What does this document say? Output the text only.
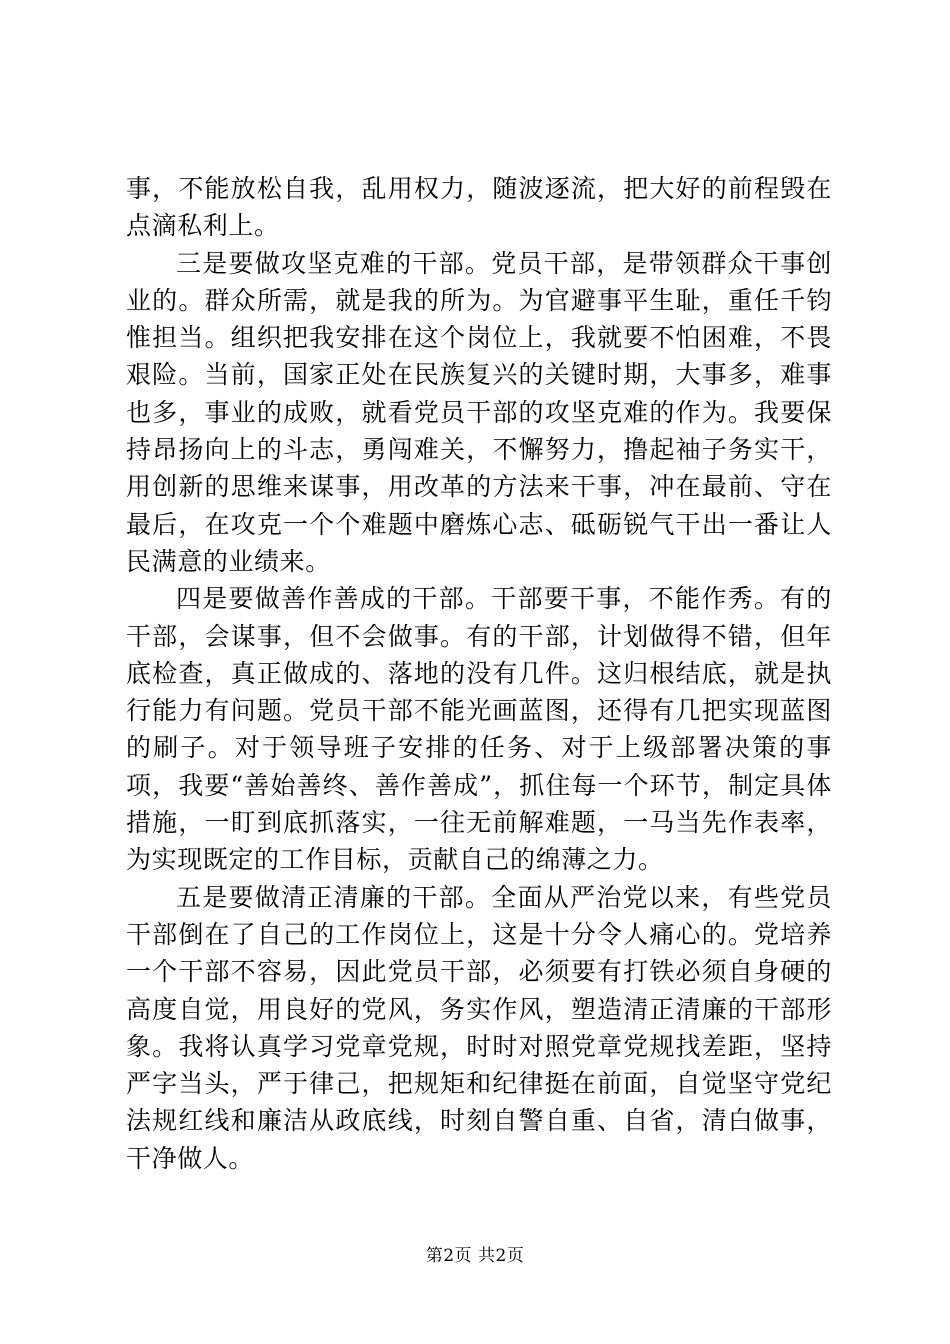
事，不能放松自我，乱用权力，随波逐流，把大好的前程毁在点滴私利上。

三是要做攻坚克难的干部。党员干部，是带领群众干事创业的。群众所需，就是我的所为。为官避事平生耻，重任千钧惟担当。组织把我安排在这个岗位上，我就要不怕困难，不畏艰险。当前，国家正处在民族复兴的关键时期，大事多，难事也多，事业的成败，就看党员干部的攻坚克难的作为。我要保持昂扬向上的斗志，勇闯难关，不懈努力，撸起袖子务实干，用创新的思维来谋事，用改革的方法来干事，冲在最前、守在最后，在攻克一个个难题中磨炼心志、砥砺锐气干出一番让人民满意的业绩来。

四是要做善作善成的干部。干部要干事，不能作秀。有的干部，会谋事，但不会做事。有的干部，计划做得不错，但年底检查，真正做成的、落地的没有几件。这归根结底，就是执行能力有问题。党员干部不能光画蓝图，还得有几把实现蓝图的刷子。对于领导班子安排的任务、对于上级部署决策的事项，我要“善始善终、善作善成”，抓住每一个环节，制定具体措施，一盯到底抓落实，一往无前解难题，一马当先作表率，为实现既定的工作目标，贡献自己的绵薄之力。

五是要做清正清廉的干部。全面从严治党以来，有些党员干部倒在了自己的工作岗位上，这是十分令人痛心的。党培养一个干部不容易，因此党员干部，必须要有打铁必须自身硬的高度自觉，用良好的党风，务实作风，塑造清正清廉的干部形象。我将认真学习党章党规，时时对照党章党规找差距，坚持严字当头，严于律己，把规矩和纪律挺在前面，自觉坚守党纪法规红线和廉洁从政底线，时刻自警自重、自省，清白做事，干净做人。

第2页 共2页
